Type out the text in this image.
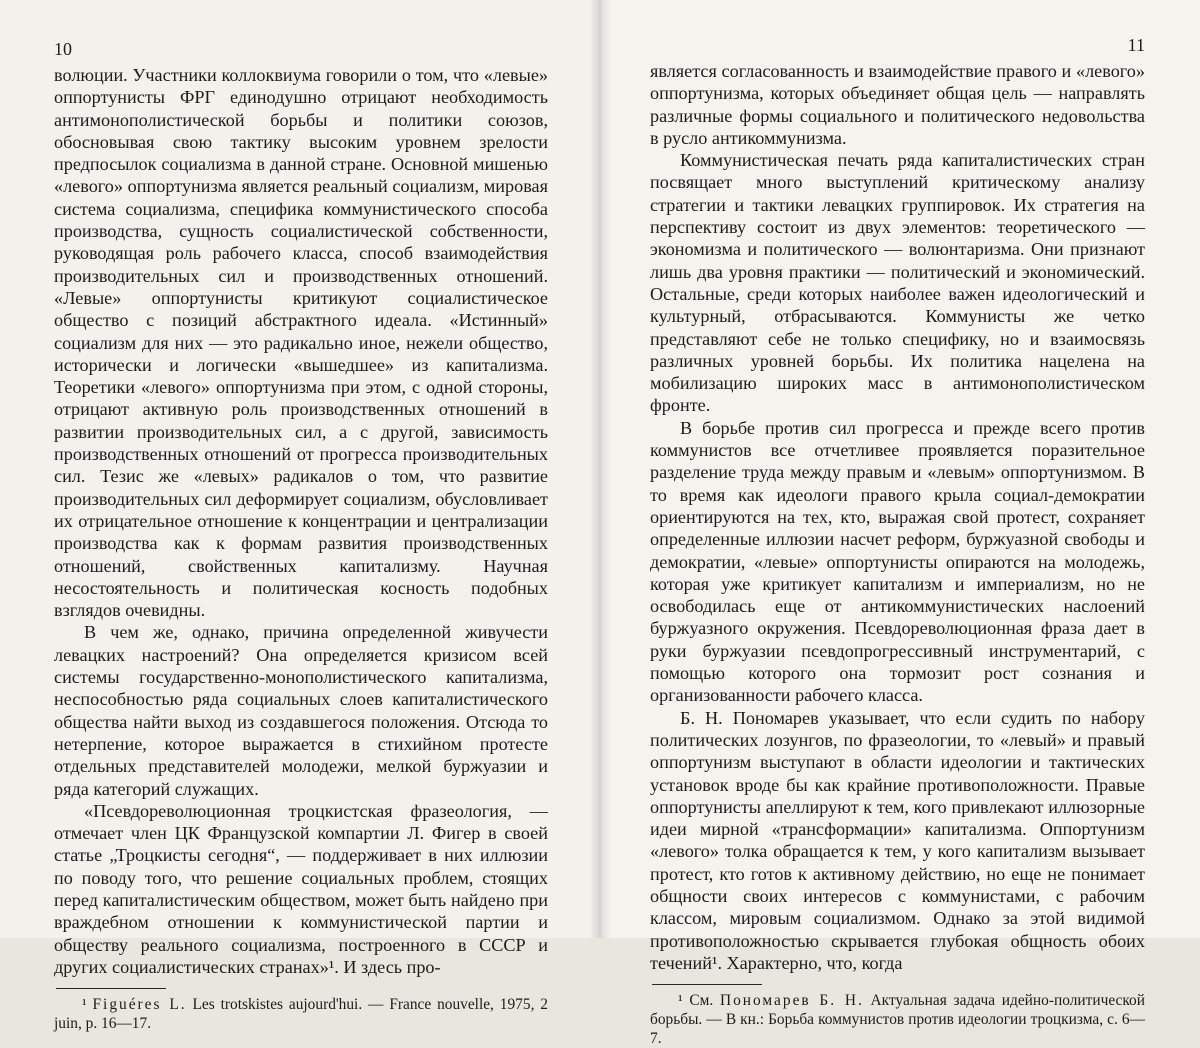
10

волюции. Участники коллоквиума говорили о том, что «левые» оппортунисты ФРГ единодушно отрицают необходимость антимонополистической борьбы и политики союзов, обосновывая свою тактику высоким уровнем зрелости предпосылок социализма в данной стране. Основной мишенью «левого» оппортунизма является реальный социализм, мировая система социализма, специфика коммунистического способа производства, сущность социалистической собственности, руководящая роль рабочего класса, способ взаимодействия производительных сил и производственных отношений. «Левые» оппортунисты критикуют социалистическое общество с позиций абстрактного идеала. «Истинный» социализм для них — это радикально иное, нежели общество, исторически и логически «вышедшее» из капитализма. Теоретики «левого» оппортунизма при этом, с одной стороны, отрицают активную роль производственных отношений в развитии производительных сил, а с другой, зависимость производственных отношений от прогресса производительных сил. Тезис же «левых» радикалов о том, что развитие производительных сил деформирует социализм, обусловливает их отрицательное отношение к концентрации и централизации производства как к формам развития производственных отношений, свойственных капитализму. Научная несостоятельность и политическая косность подобных взглядов очевидны.

В чем же, однако, причина определенной живучести левацких настроений? Она определяется кризисом всей системы государственно-монополистического капитализма, неспособностью ряда социальных слоев капиталистического общества найти выход из создавшегося положения. Отсюда то нетерпение, которое выражается в стихийном протесте отдельных представителей молодежи, мелкой буржуазии и ряда категорий служащих.

«Псевдореволюционная троцкистская фразеология, — отмечает член ЦК Французской компартии Л. Фигер в своей статье „Троцкисты сегодня“, — поддерживает в них иллюзии по поводу того, что решение социальных проблем, стоящих перед капиталистическим обществом, может быть найдено при враждебном отношении к коммунистической партии и обществу реального социализма, построенного в СССР и других социалистических странах»¹. И здесь про-

¹ Figuéres L. Les trotskistes aujourd'hui. — France nouvelle, 1975, 2 juin, p. 16—17.

11

является согласованность и взаимодействие правого и «левого» оппортунизма, которых объединяет общая цель — направлять различные формы социального и политического недовольства в русло антикоммунизма.

Коммунистическая печать ряда капиталистических стран посвящает много выступлений критическому анализу стратегии и тактики левацких группировок. Их стратегия на перспективу состоит из двух элементов: теоретического — экономизма и политического — волюнтаризма. Они признают лишь два уровня практики — политический и экономический. Остальные, среди которых наиболее важен идеологический и культурный, отбрасываются. Коммунисты же четко представляют себе не только специфику, но и взаимосвязь различных уровней борьбы. Их политика нацелена на мобилизацию широких масс в антимонополистическом фронте.

В борьбе против сил прогресса и прежде всего против коммунистов все отчетливее проявляется поразительное разделение труда между правым и «левым» оппортунизмом. В то время как идеологи правого крыла социал-демократии ориентируются на тех, кто, выражая свой протест, сохраняет определенные иллюзии насчет реформ, буржуазной свободы и демократии, «левые» оппортунисты опираются на молодежь, которая уже критикует капитализм и империализм, но не освободилась еще от антикоммунистических наслоений буржуазного окружения. Псевдореволюционная фраза дает в руки буржуазии псевдопрогрессивный инструментарий, с помощью которого она тормозит рост сознания и организованности рабочего класса.

Б. Н. Пономарев указывает, что если судить по набору политических лозунгов, по фразеологии, то «левый» и правый оппортунизм выступают в области идеологии и тактических установок вроде бы как крайние противоположности. Правые оппортунисты апеллируют к тем, кого привлекают иллюзорные идеи мирной «трансформации» капитализма. Оппортунизм «левого» толка обращается к тем, у кого капитализм вызывает протест, кто готов к активному действию, но еще не понимает общности своих интересов с коммунистами, с рабочим классом, мировым социализмом. Однако за этой видимой противоположностью скрывается глубокая общность обоих течений¹. Характерно, что, когда

¹ См. Пономарев Б. Н. Актуальная задача идейно-политической борьбы. — В кн.: Борьба коммунистов против идеологии троцкизма, с. 6—7.
